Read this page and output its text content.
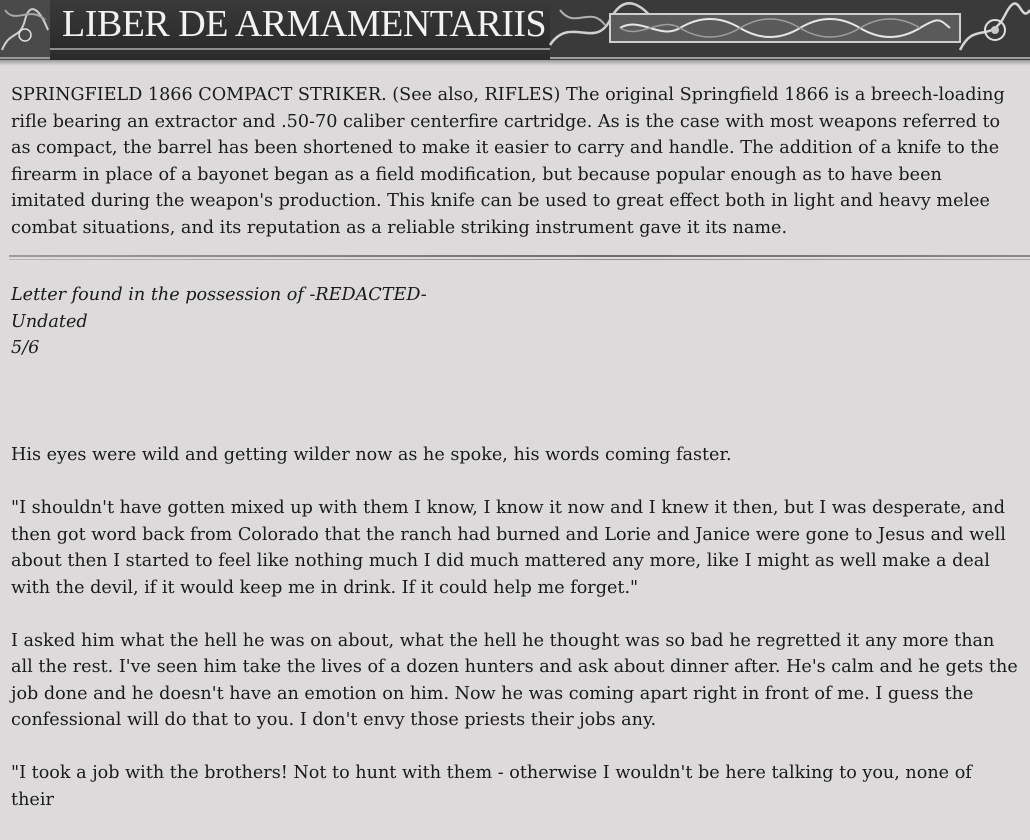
LIBER DE ARMAMENTARIIS

SPRINGFIELD 1866 COMPACT STRIKER. (See also, RIFLES) The original Springfield 1866 is a breech-loading rifle bearing an extractor and .50-70 caliber centerfire cartridge. As is the case with most weapons referred to as compact, the barrel has been shortened to make it easier to carry and handle. The addition of a knife to the firearm in place of a bayonet began as a field modification, but because popular enough as to have been imitated during the weapon's production. This knife can be used to great effect both in light and heavy melee combat situations, and its reputation as a reliable striking instrument gave it its name.

Letter found in the possession of -REDACTED-
Undated
5/6

His eyes were wild and getting wilder now as he spoke, his words coming faster.

"I shouldn't have gotten mixed up with them I know, I know it now and I knew it then, but I was desperate, and then got word back from Colorado that the ranch had burned and Lorie and Janice were gone to Jesus and well about then I started to feel like nothing much I did much mattered any more, like I might as well make a deal with the devil, if it would keep me in drink. If it could help me forget."

I asked him what the hell he was on about, what the hell he thought was so bad he regretted it any more than all the rest. I've seen him take the lives of a dozen hunters and ask about dinner after. He's calm and he gets the job done and he doesn't have an emotion on him. Now he was coming apart right in front of me. I guess the confessional will do that to you. I don't envy those priests their jobs any.

"I took a job with the brothers! Not to hunt with them - otherwise I wouldn't be here talking to you, none of their
